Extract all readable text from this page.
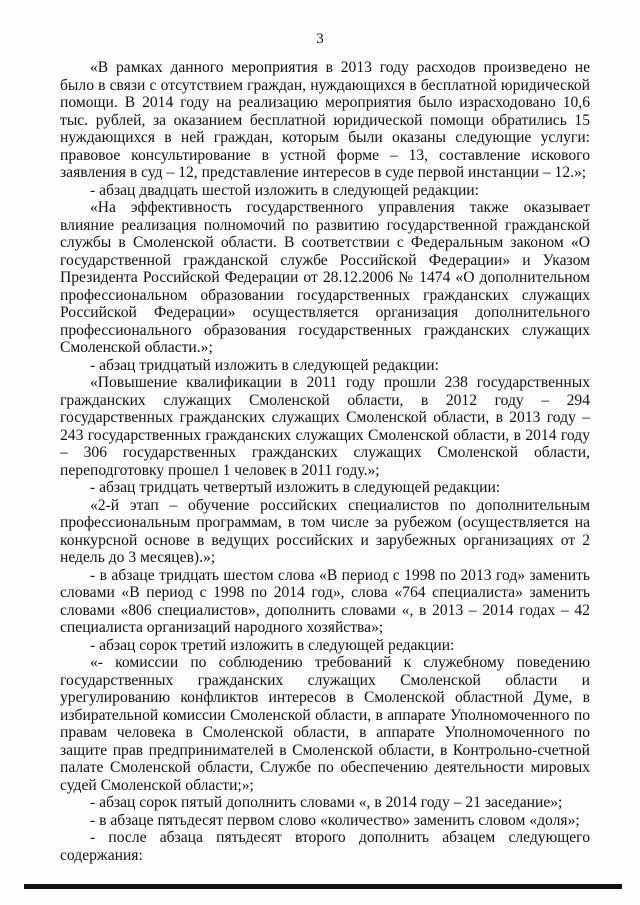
3

«В рамках данного мероприятия в 2013 году расходов произведено не было в связи с отсутствием граждан, нуждающихся в бесплатной юридической помощи. В 2014 году на реализацию мероприятия было израсходовано 10,6 тыс. рублей, за оказанием бесплатной юридической помощи обратились 15 нуждающихся в ней граждан, которым были оказаны следующие услуги: правовое консультирование в устной форме – 13, составление искового заявления в суд – 12, представление интересов в суде первой инстанции – 12.»;

- абзац двадцать шестой изложить в следующей редакции:

«На эффективность государственного управления также оказывает влияние реализация полномочий по развитию государственной гражданской службы в Смоленской области. В соответствии с Федеральным законом «О государственной гражданской службе Российской Федерации» и Указом Президента Российской Федерации от 28.12.2006 № 1474 «О дополнительном профессиональном образовании государственных гражданских служащих Российской Федерации» осуществляется организация дополнительного профессионального образования государственных гражданских служащих Смоленской области.»;

- абзац тридцатый изложить в следующей редакции:

«Повышение квалификации в 2011 году прошли 238 государственных гражданских служащих Смоленской области, в 2012 году – 294 государственных гражданских служащих Смоленской области, в 2013 году – 243 государственных гражданских служащих Смоленской области, в 2014 году – 306 государственных гражданских служащих Смоленской области, переподготовку прошел 1 человек в 2011 году.»;

- абзац тридцать четвертый изложить в следующей редакции:

«2-й этап – обучение российских специалистов по дополнительным профессиональным программам, в том числе за рубежом (осуществляется на конкурсной основе в ведущих российских и зарубежных организациях от 2 недель до 3 месяцев).»;

- в абзаце тридцать шестом слова «В период с 1998 по 2013 год» заменить словами «В период с 1998 по 2014 год», слова «764 специалиста» заменить словами «806 специалистов», дополнить словами «, в 2013 – 2014 годах – 42 специалиста организаций народного хозяйства»;

- абзац сорок третий изложить в следующей редакции:

«- комиссии по соблюдению требований к служебному поведению государственных гражданских служащих Смоленской области и урегулированию конфликтов интересов в Смоленской областной Думе, в избирательной комиссии Смоленской области, в аппарате Уполномоченного по правам человека в Смоленской области, в аппарате Уполномоченного по защите прав предпринимателей в Смоленской области, в Контрольно-счетной палате Смоленской области, Службе по обеспечению деятельности мировых судей Смоленской области;»;

- абзац сорок пятый дополнить словами «, в 2014 году – 21 заседание»;

- в абзаце пятьдесят первом слово «количество» заменить словом «доля»;

- после абзаца пятьдесят второго дополнить абзацем следующего содержания:
